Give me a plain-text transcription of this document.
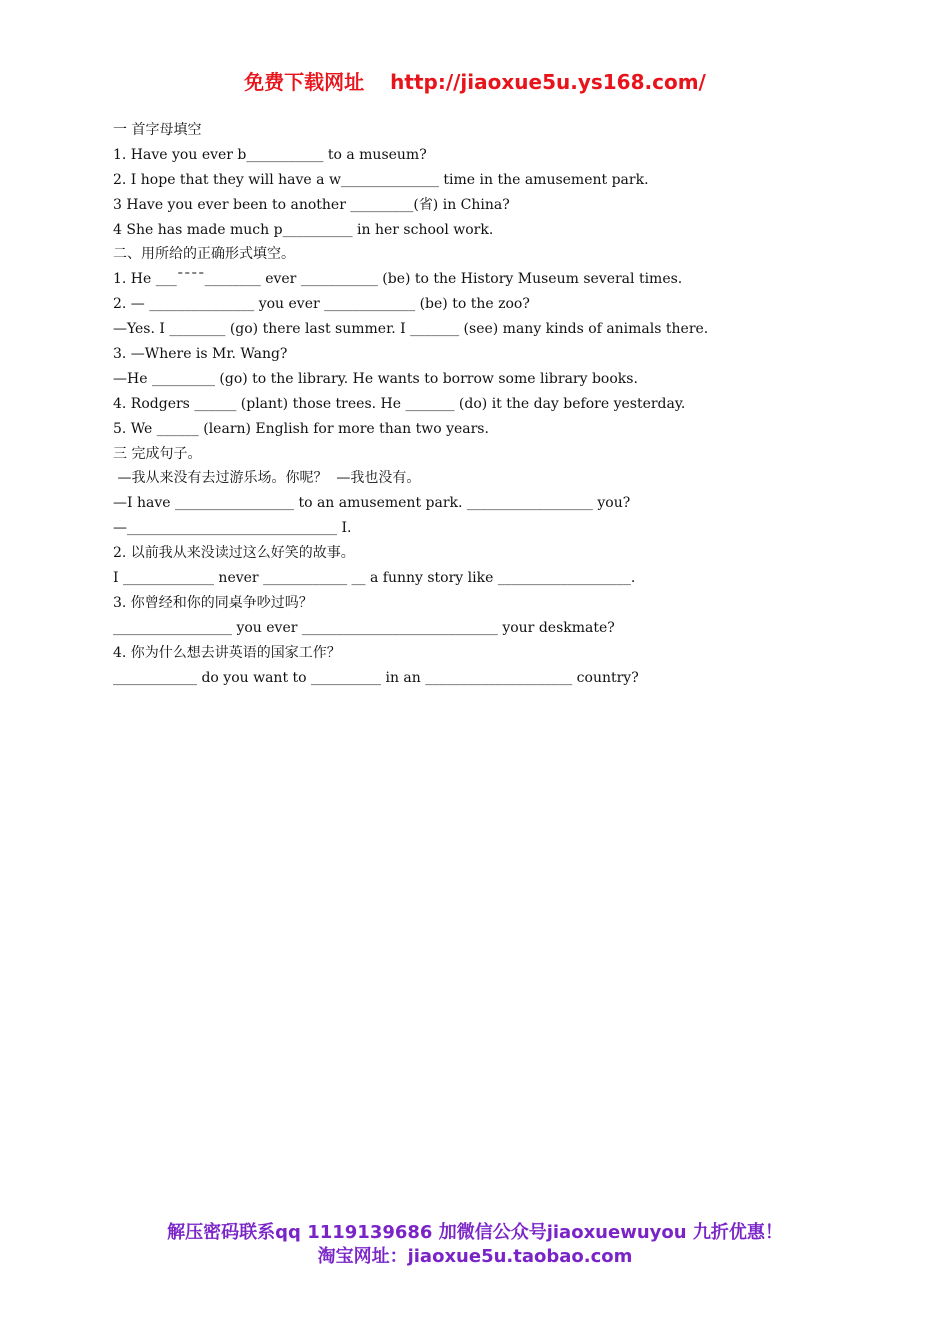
免费下载网址 http://jiaoxue5u.ys168.com/
一 首字母填空
1. Have you ever b___________ to a museum?
2. I hope that they will have a w______________ time in the amusement park.
3 Have you ever been to another _________(省) in China?
4 She has made much p__________ in her school work.
二、用所给的正确形式填空。
1. He ___¯¯¯¯________ ever ___________ (be) to the History Museum several times.
2. — _______________ you ever _____________ (be) to the zoo?
—Yes. I ________ (go) there last summer. I _______ (see) many kinds of animals there.
3. —Where is Mr. Wang?
—He _________ (go) to the library. He wants to borrow some library books.
4. Rodgers ______ (plant) those trees. He _______ (do) it the day before yesterday.
5. We ______ (learn) English for more than two years.
三 完成句子。
—我从来没有去过游乐场。你呢？  —我也没有。
—I have _________________ to an amusement park. __________________ you?
—______________________________ I.
2. 以前我从来没读过这么好笑的故事。
I _____________ never ____________ __ a funny story like ___________________.
3. 你曾经和你的同桌争吵过吗？
_________________ you ever ____________________________ your deskmate?
4. 你为什么想去讲英语的国家工作？
____________ do you want to __________ in an _____________________ country?
解压密码联系qq 1119139686 加微信公众号jiaoxuewuyou 九折优惠！
淘宝网址：jiaoxue5u.taobao.com
